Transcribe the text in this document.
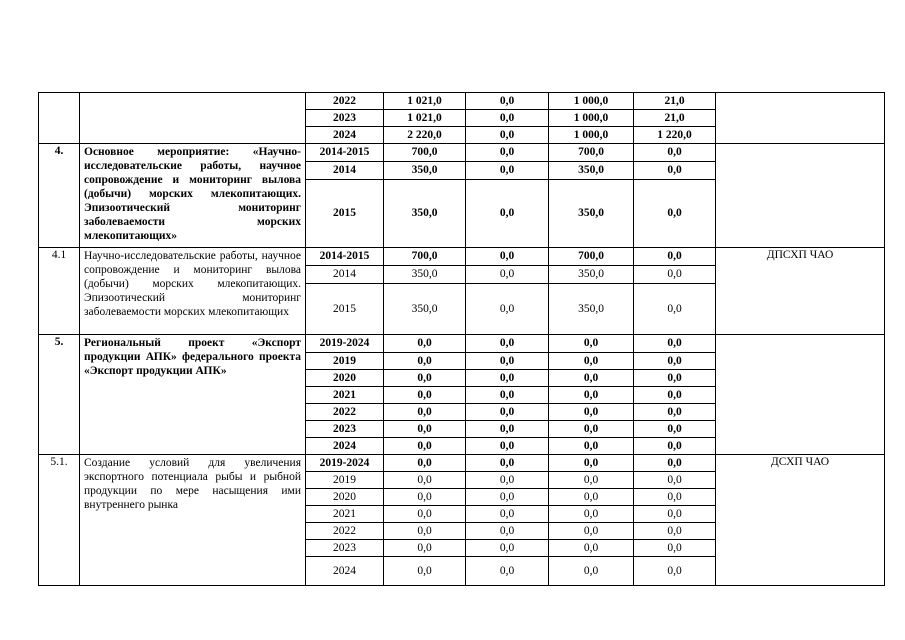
		2022	1 021,0	0,0	1 000,0	21,0	
		2023	1 021,0	0,0	1 000,0	21,0	
		2024	2 220,0	0,0	1 000,0	1 220,0	
4.	Основное мероприятие: «Научно-исследовательские работы, научное сопровождение и мониторинг вылова (добычи) морских млекопитающих. Эпизоотический мониторинг заболеваемости морских млекопитающих»	2014-2015	700,0	0,0	700,0	0,0	
		2014	350,0	0,0	350,0	0,0	
		2015	350,0	0,0	350,0	0,0	
4.1	Научно-исследовательские работы, научное сопровождение и мониторинг вылова (добычи) морских млекопитающих. Эпизоотический мониторинг заболеваемости морских млекопитающих	2014-2015	700,0	0,0	700,0	0,0	ДПСХП ЧАО
		2014	350,0	0,0	350,0	0,0	
		2015	350,0	0,0	350,0	0,0	
5.	Региональный проект «Экспорт продукции АПК» федерального проекта «Экспорт продукции АПК»	2019-2024	0,0	0,0	0,0	0,0	
		2019	0,0	0,0	0,0	0,0	
		2020	0,0	0,0	0,0	0,0	
		2021	0,0	0,0	0,0	0,0	
		2022	0,0	0,0	0,0	0,0	
		2023	0,0	0,0	0,0	0,0	
		2024	0,0	0,0	0,0	0,0	
5.1.	Создание условий для увеличения экспортного потенциала рыбы и рыбной продукции по мере насыщения ими внутреннего рынка	2019-2024	0,0	0,0	0,0	0,0	ДСХП ЧАО
		2019	0,0	0,0	0,0	0,0	
		2020	0,0	0,0	0,0	0,0	
		2021	0,0	0,0	0,0	0,0	
		2022	0,0	0,0	0,0	0,0	
		2023	0,0	0,0	0,0	0,0	
		2024	0,0	0,0	0,0	0,0	
